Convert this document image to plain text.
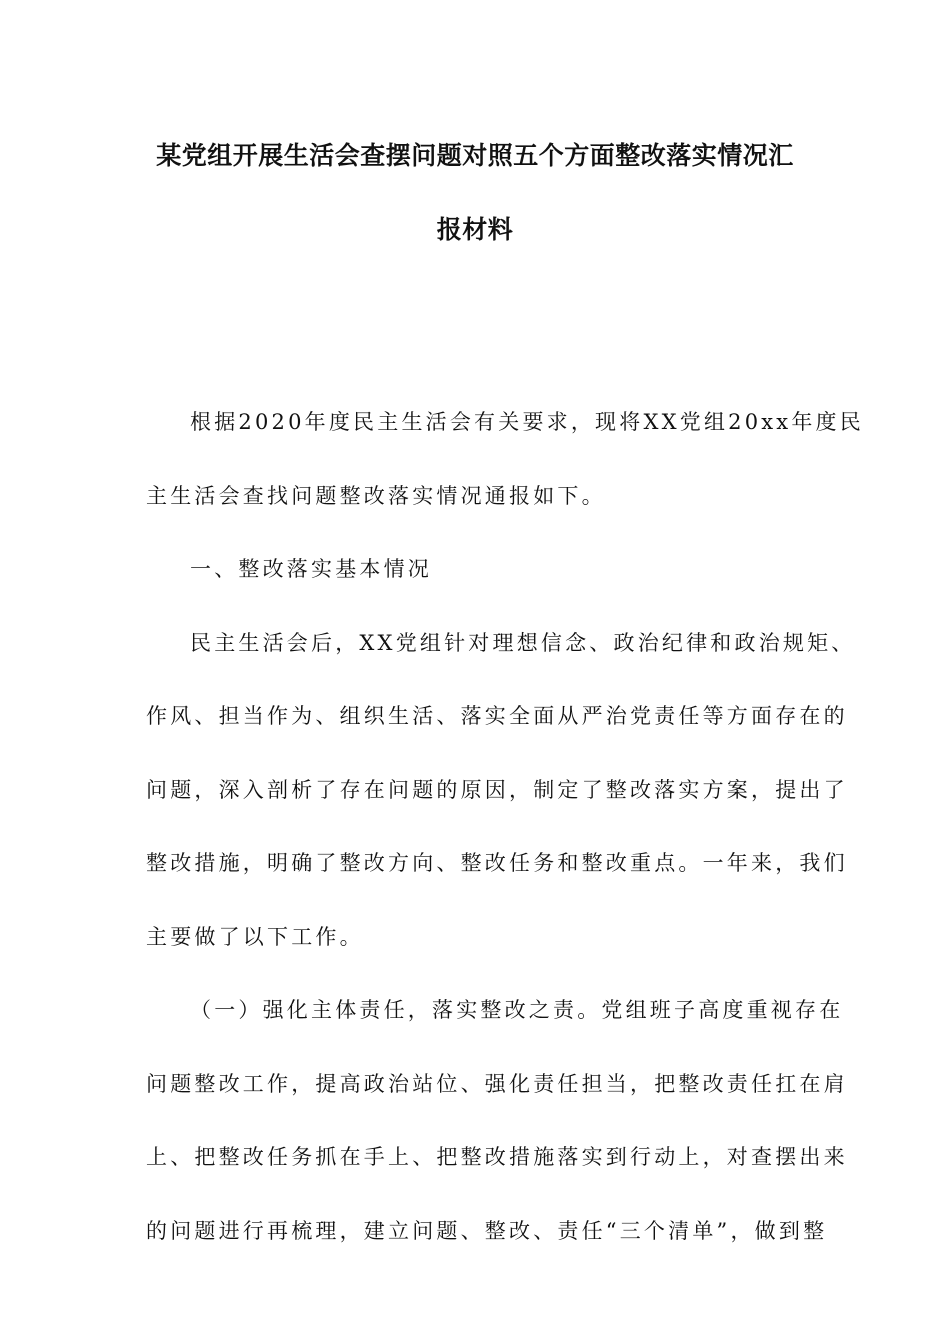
某党组开展生活会查摆问题对照五个方面整改落实情况汇
报材料
根据2020年度民主生活会有关要求，现将XX党组20xx年度民
主生活会查找问题整改落实情况通报如下。
一、整改落实基本情况
民主生活会后，XX党组针对理想信念、政治纪律和政治规矩、
作风、担当作为、组织生活、落实全面从严治党责任等方面存在的
问题，深入剖析了存在问题的原因，制定了整改落实方案，提出了
整改措施，明确了整改方向、整改任务和整改重点。一年来，我们
主要做了以下工作。
（一）强化主体责任，落实整改之责。党组班子高度重视存在
问题整改工作，提高政治站位、强化责任担当，把整改责任扛在肩
上、把整改任务抓在手上、把整改措施落实到行动上，对查摆出来
的问题进行再梳理，建立问题、整改、责任“三个清单”，做到整
